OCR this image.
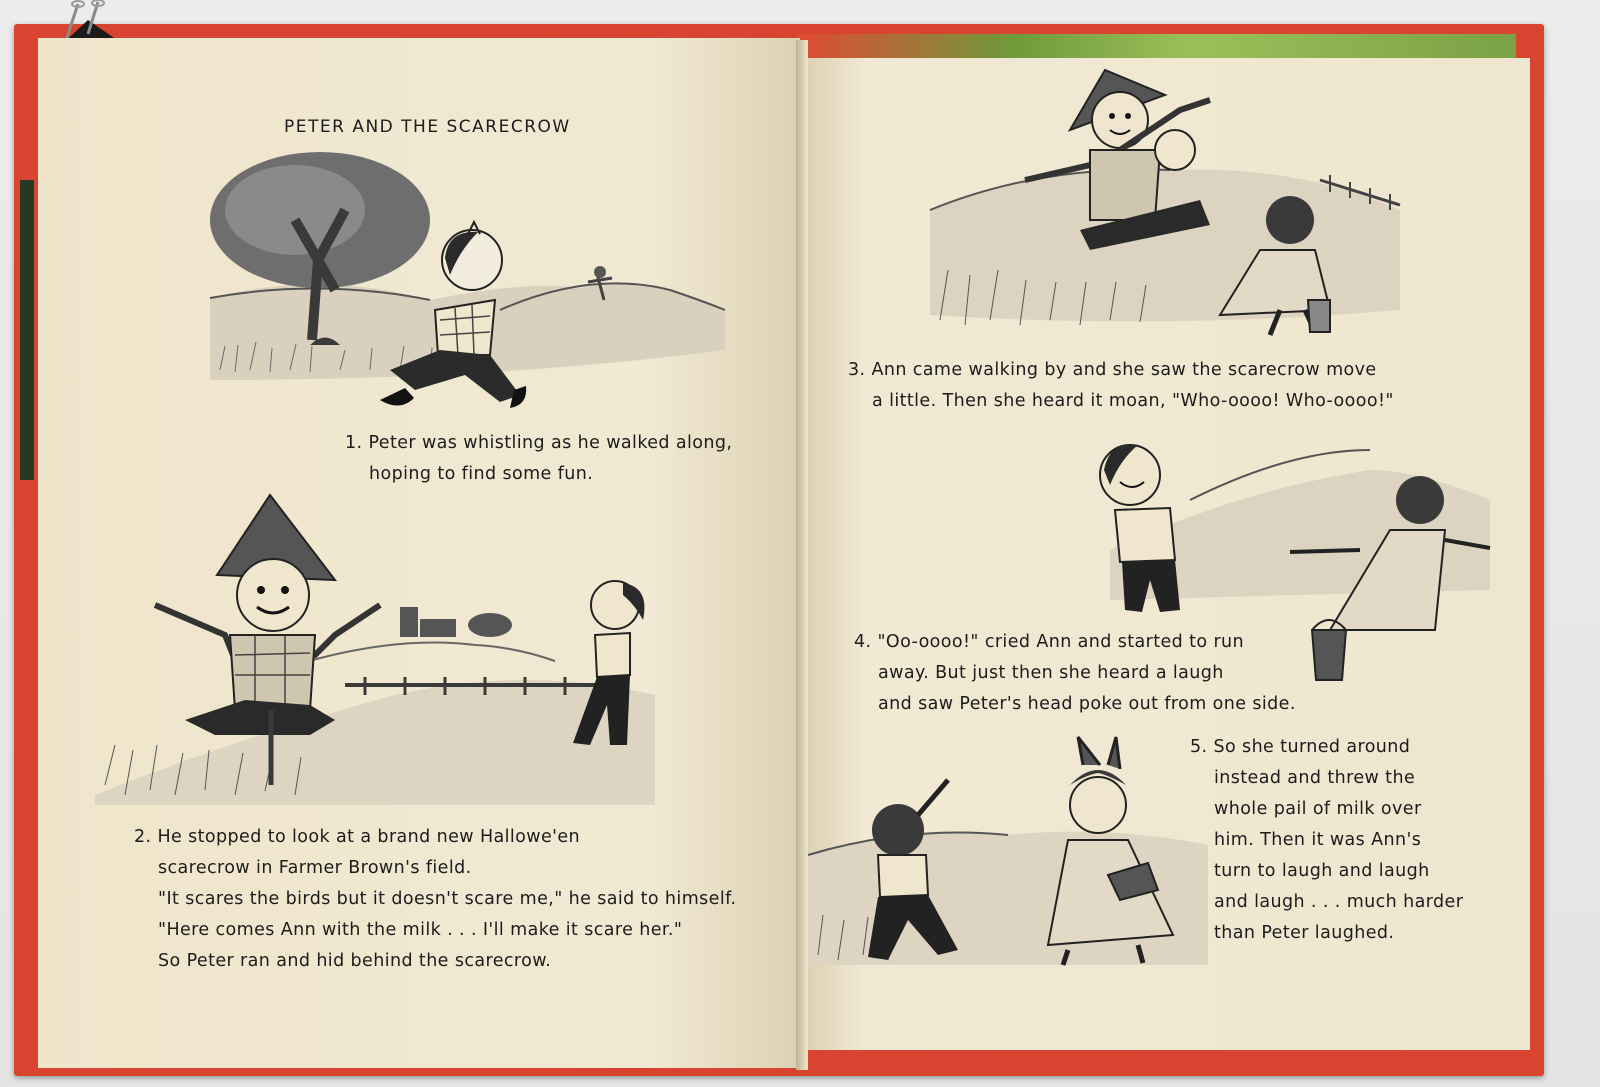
PETER AND THE SCARECROW
1. Peter was whistling as he walked along,
hoping to find some fun.
2. He stopped to look at a brand new Hallowe'en
scarecrow in Farmer Brown's field.
"It scares the birds but it doesn't scare me," he said to himself.
"Here comes Ann with the milk . . . I'll make it scare her."
So Peter ran and hid behind the scarecrow.
3. Ann came walking by and she saw the scarecrow move
a little. Then she heard it moan, "Who-oooo! Who-oooo!"
4. "Oo-oooo!" cried Ann and started to run
away. But just then she heard a laugh
and saw Peter's head poke out from one side.
5. So she turned around
instead and threw the
whole pail of milk over
him. Then it was Ann's
turn to laugh and laugh
and laugh . . . much harder
than Peter laughed.
